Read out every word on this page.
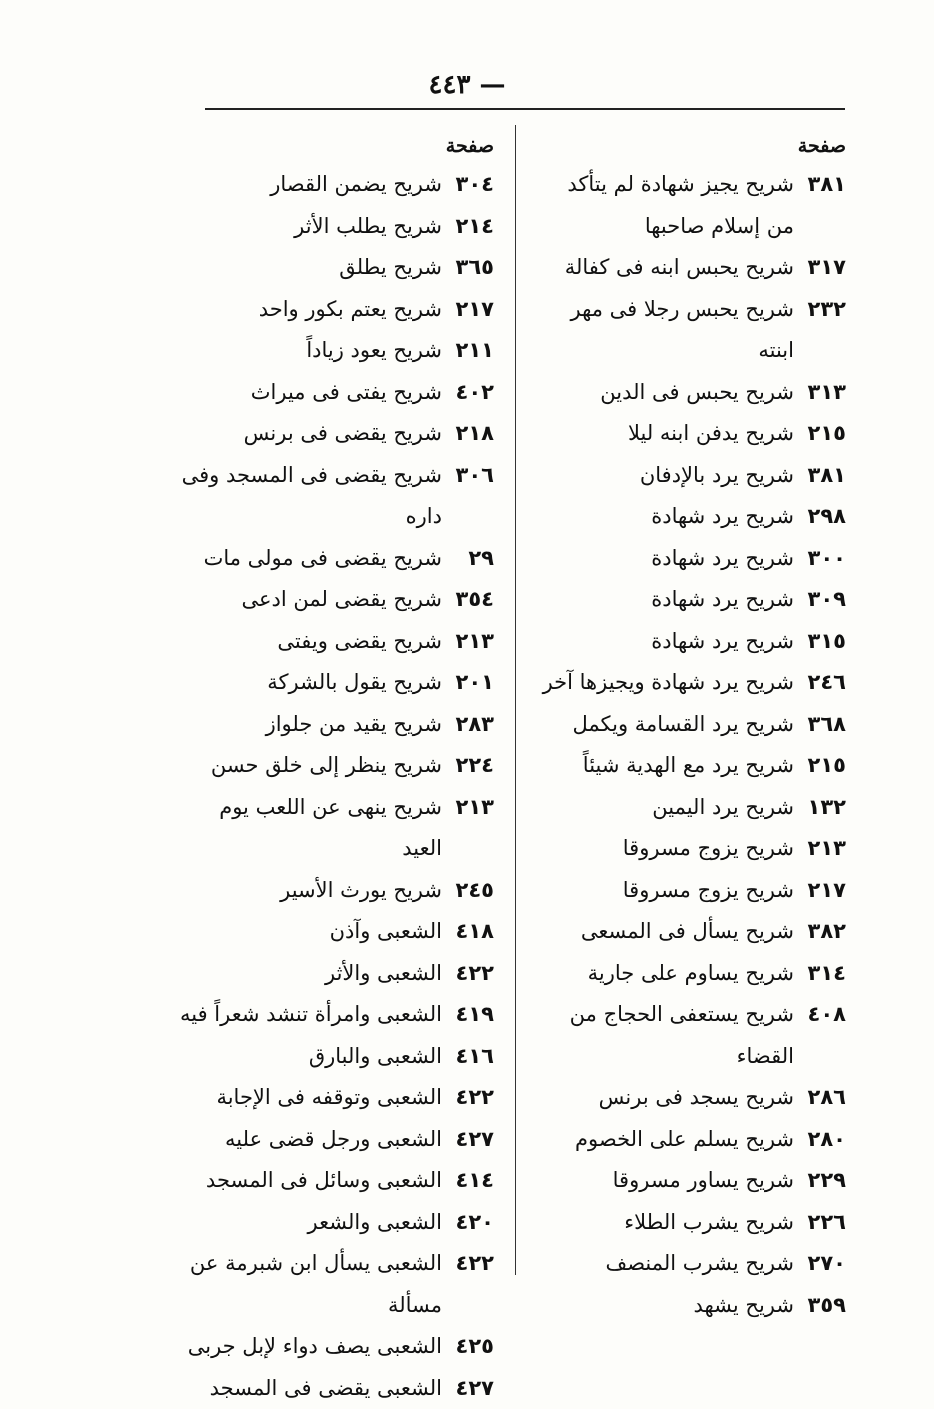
٤٤٣ —
صفحة
٣٨١
شريح يجيز شهادة لم يتأكد من إسلام صاحبها
٣١٧
شريح يحبس ابنه فى كفالة
٢٣٢
شريح يحبس رجلا فى مهر ابنته
٣١٣
شريح يحبس فى الدين
٢١٥
شريح يدفن ابنه ليلا
٣٨١
شريح يرد بالإدفان
٢٩٨
شريح يرد شهادة
٣٠٠
شريح يرد شهادة
٣٠٩
شريح يرد شهادة
٣١٥
شريح يرد شهادة
٢٤٦
شريح يرد شهادة ويجيزها آخر
٣٦٨
شريح يرد القسامة ويكمل
٢١٥
شريح يرد مع الهدية شيئاً
١٣٢
شريح يرد اليمين
٢١٣
شريح يزوج مسروقا
٢١٧
شريح يزوج مسروقا
٣٨٢
شريح يسأل فى المسعى
٣١٤
شريح يساوم على جارية
٤٠٨
شريح يستعفى الحجاج من القضاء
٢٨٦
شريح يسجد فى برنس
٢٨٠
شريح يسلم على الخصوم
٢٢٩
شريح يساور مسروقا
٢٢٦
شريح يشرب الطلاء
٢٧٠
شريح يشرب المنصف
٣٥٩
شريح يشهد
صفحة
٣٠٤
شريح يضمن القصار
٢١٤
شريح يطلب الأثر
٣٦٥
شريح يطلق
٢١٧
شريح يعتم بكور واحد
٢١١
شريح يعود زياداً
٤٠٢
شريح يفتى فى ميراث
٢١٨
شريح يقضى فى برنس
٣٠٦
شريح يقضى فى المسجد وفى داره
٢٩
شريح يقضى فى مولى مات
٣٥٤
شريح يقضى لمن ادعى
٢١٣
شريح يقضى ويفتى
٢٠١
شريح يقول بالشركة
٢٨٣
شريح يقيد من جلواز
٢٢٤
شريح ينظر إلى خلق حسن
٢١٣
شريح ينهى عن اللعب يوم العيد
٢٤٥
شريح يورث الأسير
٤١٨
الشعبى وآذن
٤٢٢
الشعبى والأثر
٤١٩
الشعبى وامرأة تنشد شعراً فيه
٤١٦
الشعبى والبارق
٤٢٢
الشعبى وتوقفه فى الإجابة
٤٢٧
الشعبى ورجل قضى عليه
٤١٤
الشعبى وسائل فى المسجد
٤٢٠
الشعبى والشعر
٤٢٢
الشعبى يسأل ابن شبرمة عن مسألة
٤٢٥
الشعبى يصف دواء لإبل جربى
٤٢٧
الشعبى يقضى فى المسجد
